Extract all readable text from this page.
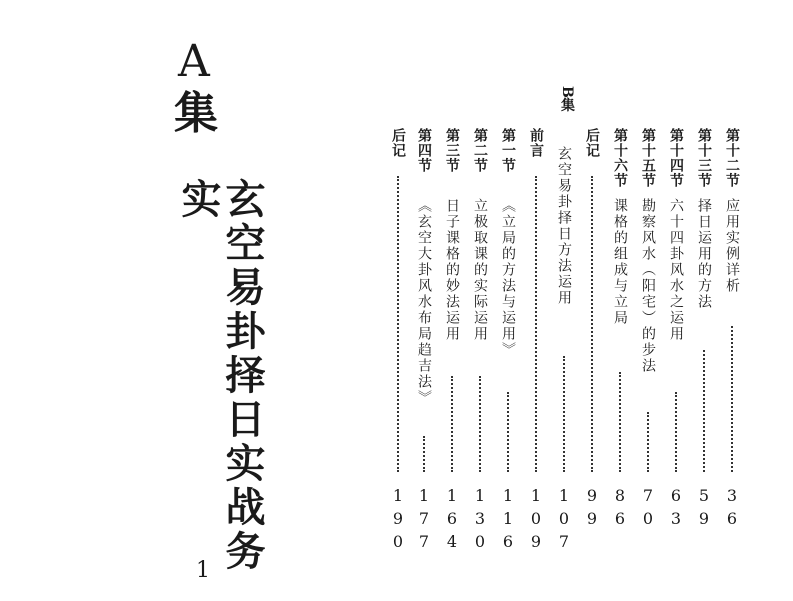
A
集
玄空易卦择日实战务实
1
B集
第十二节
应用实例详析
3
6
第十三节
择日运用的方法
5
9
第十四节
六十四卦风水之运用
6
3
第十五节
勘察风水（阳宅）的步法
7
0
第十六节
课格的组成与立局
8
6
后记
9
9
玄空易卦择日方法运用
1
0
7
前言
1
0
9
第一节
《立局的方法与运用》
1
1
6
第二节
立极取课的实际运用
1
3
0
第三节
日子课格的妙法运用
1
6
4
第四节
《玄空大卦风水布局趋吉法》
1
7
7
后记
1
9
0
